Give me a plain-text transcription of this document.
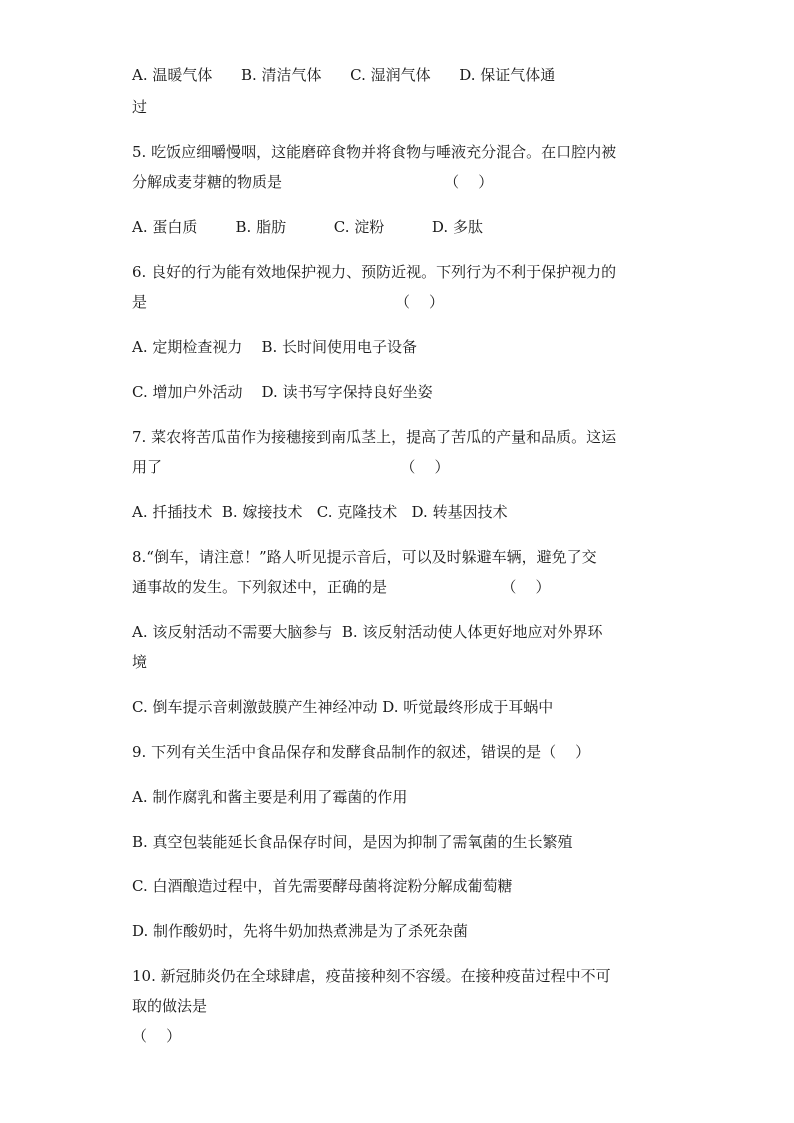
A. 温暖气体      B. 清洁气体      C. 湿润气体      D. 保证气体通
过
5. 吃饭应细嚼慢咽，这能磨碎食物并将食物与唾液充分混合。在口腔内被
分解成麦芽糖的物质是                                  （    ）
A. 蛋白质        B. 脂肪          C. 淀粉          D. 多肽
6. 良好的行为能有效地保护视力、预防近视。下列行为不利于保护视力的
是                                                    （    ）
A. 定期检查视力    B. 长时间使用电子设备
C. 增加户外活动    D. 读书写字保持良好坐姿
7. 菜农将苦瓜苗作为接穗接到南瓜茎上，提高了苦瓜的产量和品质。这运
用了                                                  （    ）
A. 扦插技术  B. 嫁接技术   C. 克隆技术   D. 转基因技术
8.“倒车，请注意！”路人听见提示音后，可以及时躲避车辆，避免了交
通事故的发生。下列叙述中，正确的是                        （    ）
A. 该反射活动不需要大脑参与  B. 该反射活动使人体更好地应对外界环
境
C. 倒车提示音刺激鼓膜产生神经冲动 D. 听觉最终形成于耳蜗中
9. 下列有关生活中食品保存和发酵食品制作的叙述，错误的是（    ）
A. 制作腐乳和酱主要是利用了霉菌的作用
B. 真空包装能延长食品保存时间，是因为抑制了需氧菌的生长繁殖
C. 白酒酿造过程中，首先需要酵母菌将淀粉分解成葡萄糖
D. 制作酸奶时，先将牛奶加热煮沸是为了杀死杂菌
10. 新冠肺炎仍在全球肆虐，疫苗接种刻不容缓。在接种疫苗过程中不可
取的做法是
（    ）
